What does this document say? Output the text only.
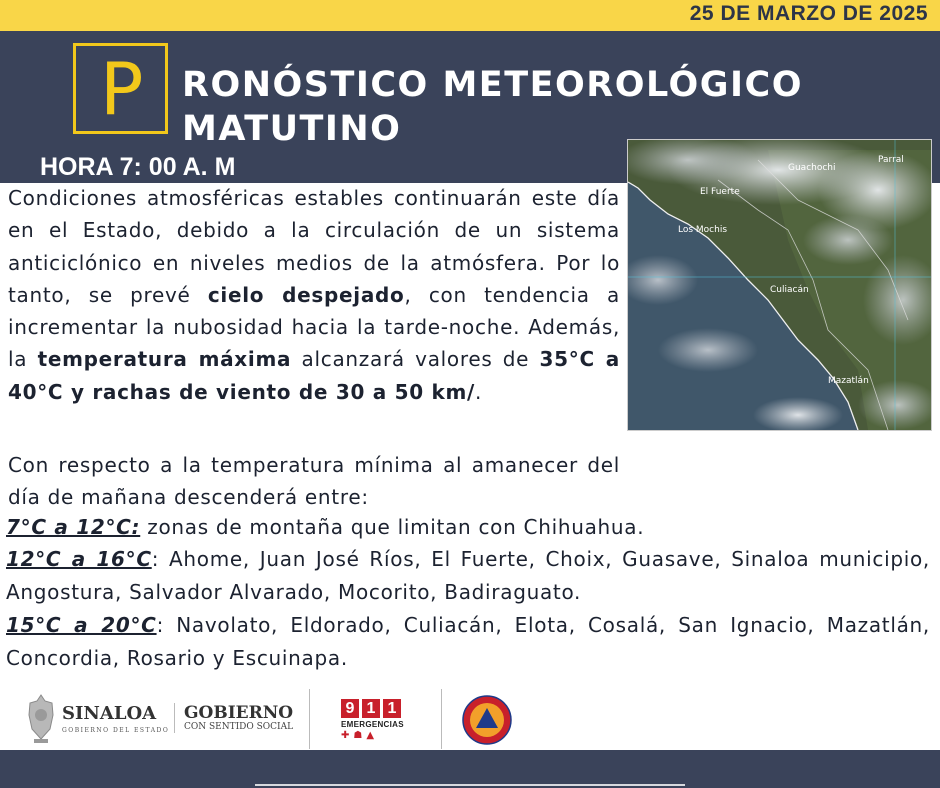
25 DE MARZO DE 2025
P RONÓSTICO METEOROLÓGICO
MATUTINO
HORA 7: 00 A. M	Parral
Guachochi
El Fuerte
Los Mochis
Culiacán
Mazatlán
Condiciones atmosféricas estables continuarán este día en el Estado, debido a la circulación de un sistema anticiclónico en niveles medios de la atmósfera. Por lo tanto, se prevé cielo despejado, con tendencia a incrementar la nubosidad hacia la tarde-noche. Además, la temperatura máxima alcanzará valores de 35°C a 40°C y rachas de viento de 30 a 50 km/.
Con respecto a la temperatura mínima al amanecer del día de mañana descenderá entre:
7°C a 12°C: zonas de montaña que limitan con Chihuahua.
12°C a 16°C: Ahome, Juan José Ríos, El Fuerte, Choix, Guasave, Sinaloa municipio, Angostura, Salvador Alvarado, Mocorito, Badiraguato.
15°C a 20°C: Navolato, Eldorado, Culiacán, Elota, Cosalá, San Ignacio, Mazatlán, Concordia, Rosario y Escuinapa.
SINALOA
GOBIERNO DEL ESTADO
GOBIERNO
CON SENTIDO SOCIAL
9 1 1
EMERGENCIAS
✚☗▲
